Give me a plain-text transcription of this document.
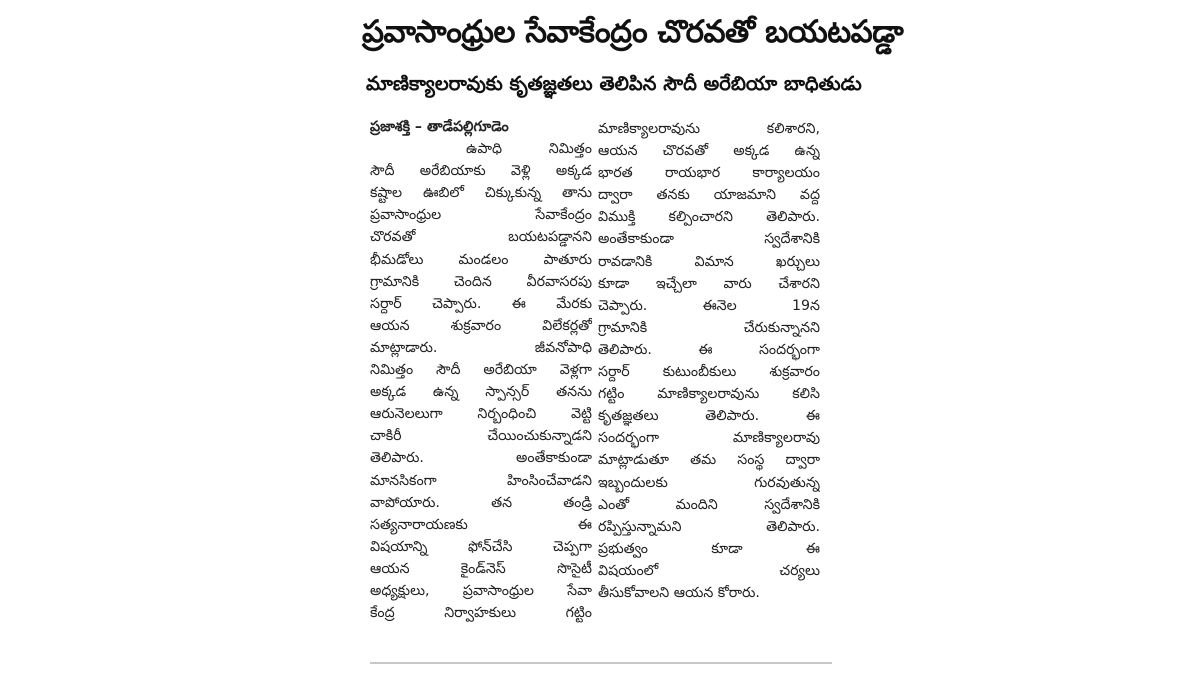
ప్రవాసాంధ్రుల సేవాకేంద్రం చొరవతో బయటపడ్డా
మాణిక్యాలరావుకు కృతజ్ఞతలు తెలిపిన సౌదీ అరేబియా బాధితుడు
ప్రజాశక్తి – తాడేపల్లిగూడెం
ఉపాధి నిమిత్తం
సౌదీ అరేబియాకు వెళ్లి అక్కడ
కష్టాల ఊబిలో చిక్కుకున్న తాను
ప్రవాసాంధ్రుల సేవాకేంద్రం
చొరవతో బయటపడ్డానని
భీమడోలు మండలం పాతూరు
గ్రామానికి చెందిన వీరవాసరపు
సర్దార్ చెప్పారు. ఈ మేరకు
ఆయన శుక్రవారం విలేకర్లతో
మాట్లాడారు. జీవనోపాధి
నిమిత్తం సౌదీ అరేబియా వెళ్లగా
అక్కడ ఉన్న స్పాన్సర్ తనను
ఆరునెలలుగా నిర్బంధించి వెట్టి
చాకిరీ చేయించుకున్నాడని
తెలిపారు. అంతేకాకుండా
మానసికంగా హింసించేవాడని
వాపోయారు. తన తండ్రి
సత్యనారాయణకు ఈ
విషయాన్ని ఫోన్‌చేసి చెప్పగా
ఆయన కైండ్‌నెస్ సొసైటీ
అధ్యక్షులు, ప్రవాసాంధ్రుల సేవా
కేంద్ర నిర్వాహకులు గట్టిం
మాణిక్యాలరావును కలిశారని,
ఆయన చొరవతో అక్కడ ఉన్న
భారత రాయభార కార్యాలయం
ద్వారా తనకు యాజమాని వద్ద
విముక్తి కల్పించారని తెలిపారు.
అంతేకాకుండా స్వదేశానికి
రావడానికి విమాన ఖర్చులు
కూడా ఇచ్చేలా వారు చేశారని
చెప్పారు. ఈనెల 19న
గ్రామానికి చేరుకున్నానని
తెలిపారు. ఈ సందర్భంగా
సర్దార్ కుటుంబీకులు శుక్రవారం
గట్టిం మాణిక్యాలరావును కలిసి
కృతజ్ఞతలు తెలిపారు. ఈ
సందర్భంగా మాణిక్యాలరావు
మాట్లాడుతూ తమ సంస్థ ద్వారా
ఇబ్బందులకు గురవుతున్న
ఎంతో మందిని స్వదేశానికి
రప్పిస్తున్నామని తెలిపారు.
ప్రభుత్వం కూడా ఈ
విషయంలో చర్యలు
తీసుకోవాలని ఆయన కోరారు.
